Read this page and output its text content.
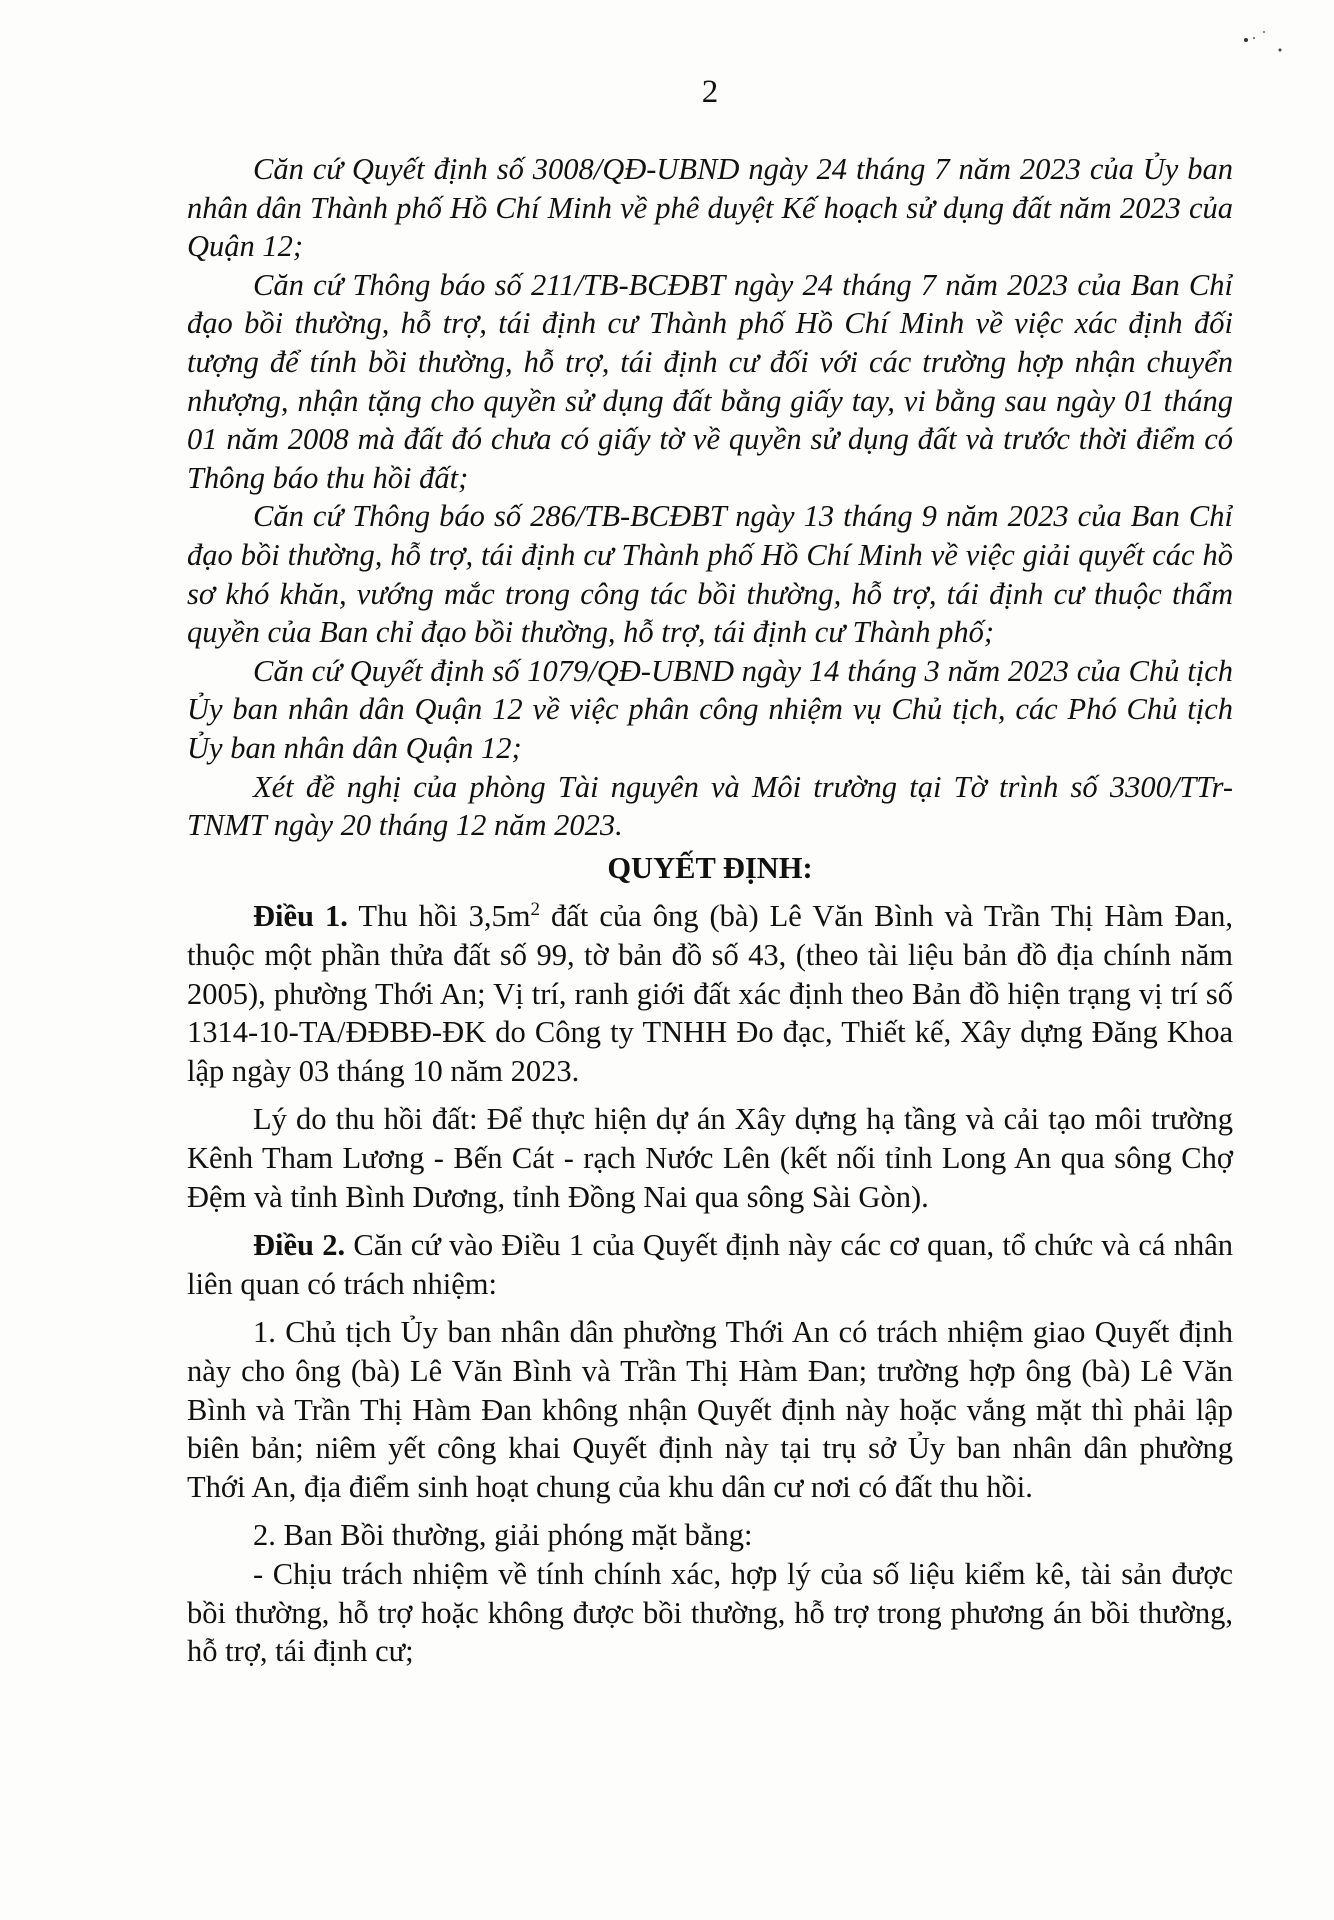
2

Căn cứ Quyết định số 3008/QĐ-UBND ngày 24 tháng 7 năm 2023 của Ủy ban nhân dân Thành phố Hồ Chí Minh về phê duyệt Kế hoạch sử dụng đất năm 2023 của Quận 12;

Căn cứ Thông báo số 211/TB-BCĐBT ngày 24 tháng 7 năm 2023 của Ban Chỉ đạo bồi thường, hỗ trợ, tái định cư Thành phố Hồ Chí Minh về việc xác định đối tượng để tính bồi thường, hỗ trợ, tái định cư đối với các trường hợp nhận chuyển nhượng, nhận tặng cho quyền sử dụng đất bằng giấy tay, vi bằng sau ngày 01 tháng 01 năm 2008 mà đất đó chưa có giấy tờ về quyền sử dụng đất và trước thời điểm có Thông báo thu hồi đất;

Căn cứ Thông báo số 286/TB-BCĐBT ngày 13 tháng 9 năm 2023 của Ban Chỉ đạo bồi thường, hỗ trợ, tái định cư Thành phố Hồ Chí Minh về việc giải quyết các hồ sơ khó khăn, vướng mắc trong công tác bồi thường, hỗ trợ, tái định cư thuộc thẩm quyền của Ban chỉ đạo bồi thường, hỗ trợ, tái định cư Thành phố;

Căn cứ Quyết định số 1079/QĐ-UBND ngày 14 tháng 3 năm 2023 của Chủ tịch Ủy ban nhân dân Quận 12 về việc phân công nhiệm vụ Chủ tịch, các Phó Chủ tịch Ủy ban nhân dân Quận 12;

Xét đề nghị của phòng Tài nguyên và Môi trường tại Tờ trình số 3300/TTr-TNMT ngày 20 tháng 12 năm 2023.

QUYẾT ĐỊNH:

Điều 1. Thu hồi $3,5m^2$ đất của ông (bà) Lê Văn Bình và Trần Thị Hàm Đan, thuộc một phần thửa đất số 99, tờ bản đồ số 43, (theo tài liệu bản đồ địa chính năm 2005), phường Thới An; Vị trí, ranh giới đất xác định theo Bản đồ hiện trạng vị trí số 1314-10-TA/ĐĐBĐ-ĐK do Công ty TNHH Đo đạc, Thiết kế, Xây dựng Đăng Khoa lập ngày 03 tháng 10 năm 2023.

Lý do thu hồi đất: Để thực hiện dự án Xây dựng hạ tầng và cải tạo môi trường Kênh Tham Lương - Bến Cát - rạch Nước Lên (kết nối tỉnh Long An qua sông Chợ Đệm và tỉnh Bình Dương, tỉnh Đồng Nai qua sông Sài Gòn).

Điều 2. Căn cứ vào Điều 1 của Quyết định này các cơ quan, tổ chức và cá nhân liên quan có trách nhiệm:

1. Chủ tịch Ủy ban nhân dân phường Thới An có trách nhiệm giao Quyết định này cho ông (bà) Lê Văn Bình và Trần Thị Hàm Đan; trường hợp ông (bà) Lê Văn Bình và Trần Thị Hàm Đan không nhận Quyết định này hoặc vắng mặt thì phải lập biên bản; niêm yết công khai Quyết định này tại trụ sở Ủy ban nhân dân phường Thới An, địa điểm sinh hoạt chung của khu dân cư nơi có đất thu hồi.

2. Ban Bồi thường, giải phóng mặt bằng:

- Chịu trách nhiệm về tính chính xác, hợp lý của số liệu kiểm kê, tài sản được bồi thường, hỗ trợ hoặc không được bồi thường, hỗ trợ trong phương án bồi thường, hỗ trợ, tái định cư;
